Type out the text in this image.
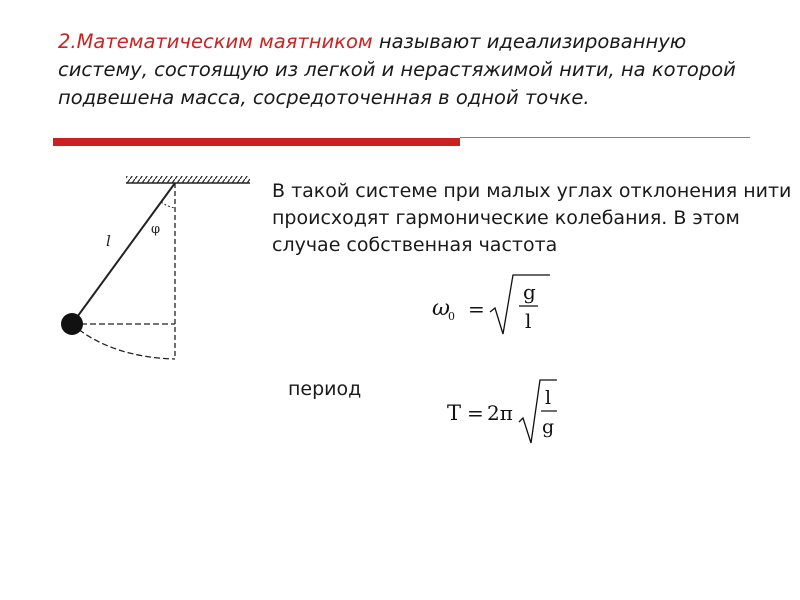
2.Математическим маятником называют идеализированную систему, состоящую из легкой и нерастяжимой нити, на которой подвешена масса, сосредоточенная в одной точке.
l
φ

В такой системе при малых углах отклонения нити происходят гармонические колебания. В этом случае собственная частота

ω
0 =
g
l

период

T = 2π
l
g
